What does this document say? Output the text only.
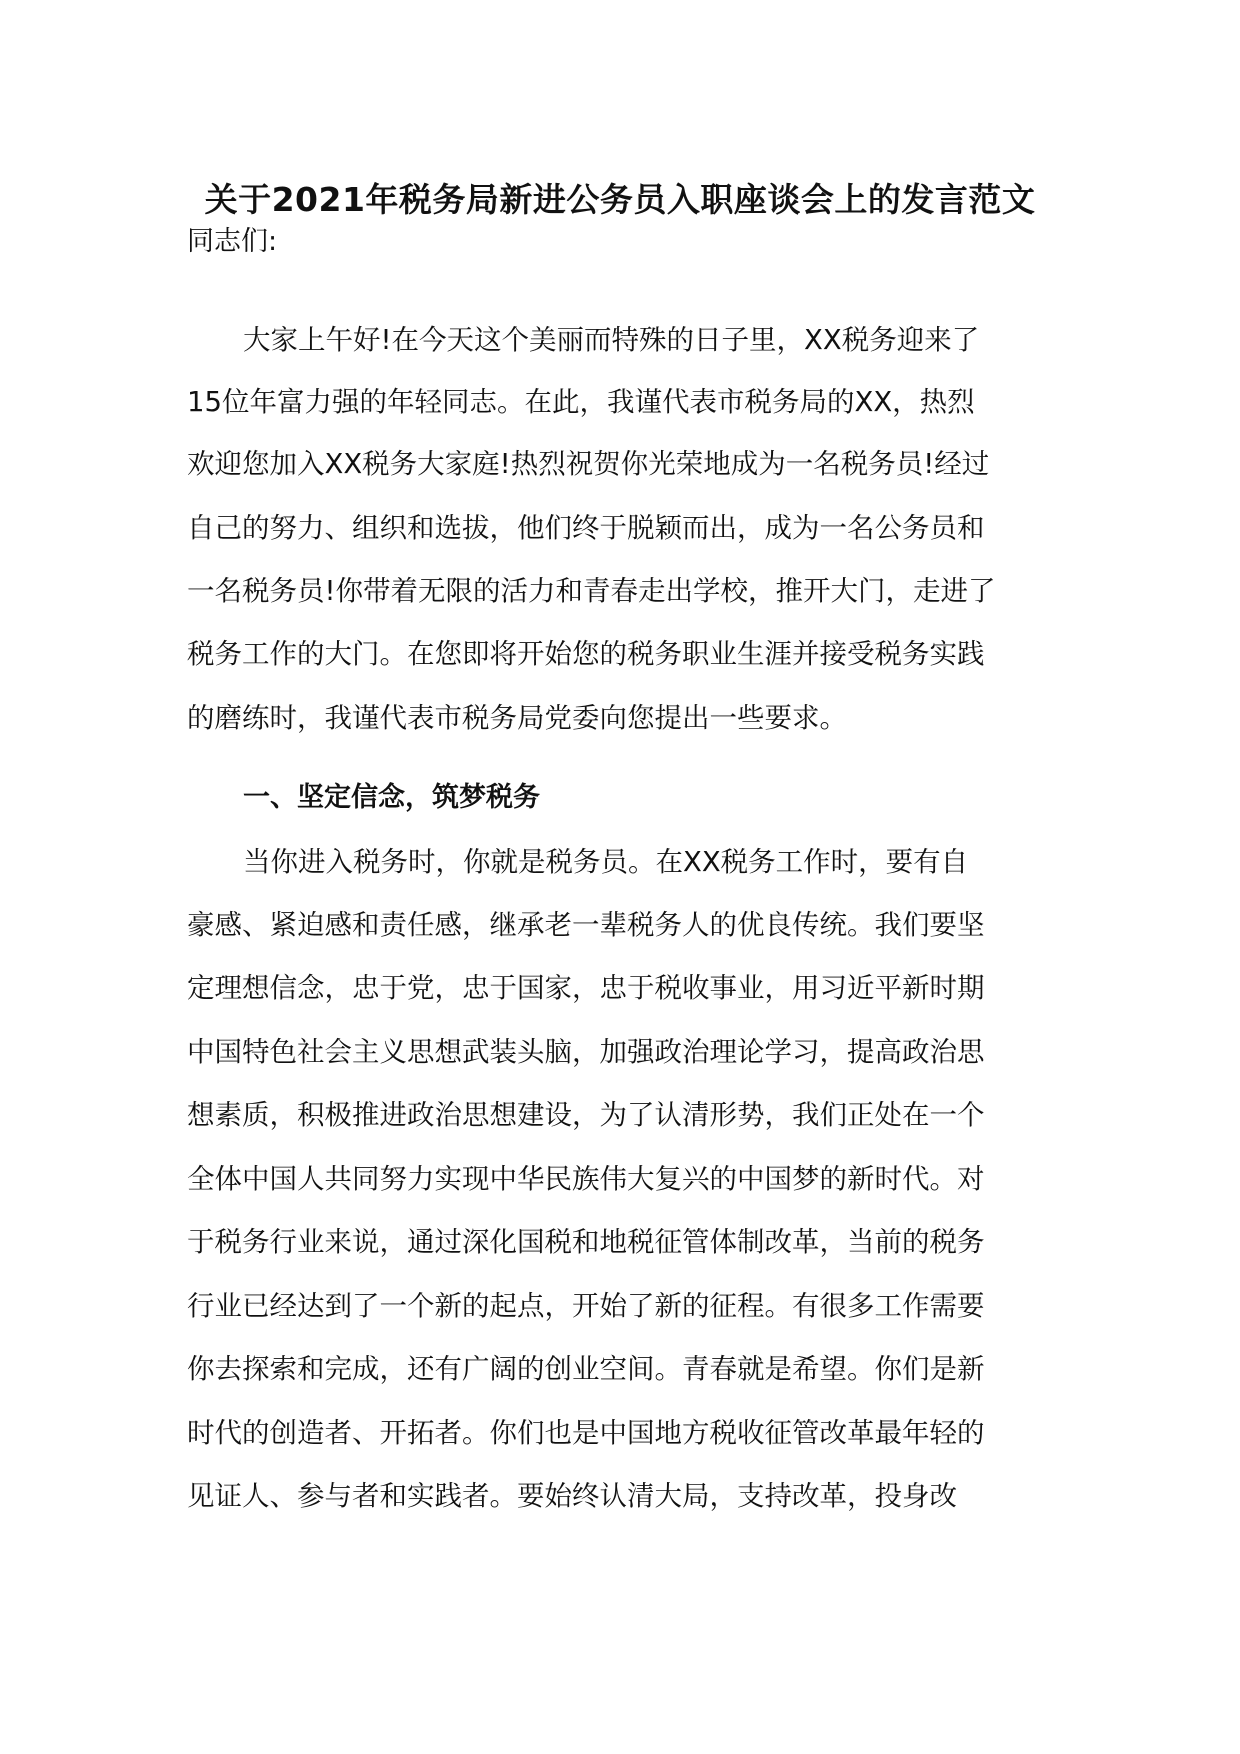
关于2021年税务局新进公务员入职座谈会上的发言范文
同志们:
大家上午好!在今天这个美丽而特殊的日子里，XX税务迎来了
15位年富力强的年轻同志。在此，我谨代表市税务局的XX，热烈
欢迎您加入XX税务大家庭!热烈祝贺你光荣地成为一名税务员!经过
自己的努力、组织和选拔，他们终于脱颖而出，成为一名公务员和
一名税务员!你带着无限的活力和青春走出学校，推开大门，走进了
税务工作的大门。在您即将开始您的税务职业生涯并接受税务实践
的磨练时，我谨代表市税务局党委向您提出一些要求。
一、坚定信念，筑梦税务
当你进入税务时，你就是税务员。在XX税务工作时，要有自
豪感、紧迫感和责任感，继承老一辈税务人的优良传统。我们要坚
定理想信念，忠于党，忠于国家，忠于税收事业，用习近平新时期
中国特色社会主义思想武装头脑，加强政治理论学习，提高政治思
想素质，积极推进政治思想建设，为了认清形势，我们正处在一个
全体中国人共同努力实现中华民族伟大复兴的中国梦的新时代。对
于税务行业来说，通过深化国税和地税征管体制改革，当前的税务
行业已经达到了一个新的起点，开始了新的征程。有很多工作需要
你去探索和完成，还有广阔的创业空间。青春就是希望。你们是新
时代的创造者、开拓者。你们也是中国地方税收征管改革最年轻的
见证人、参与者和实践者。要始终认清大局，支持改革，投身改
